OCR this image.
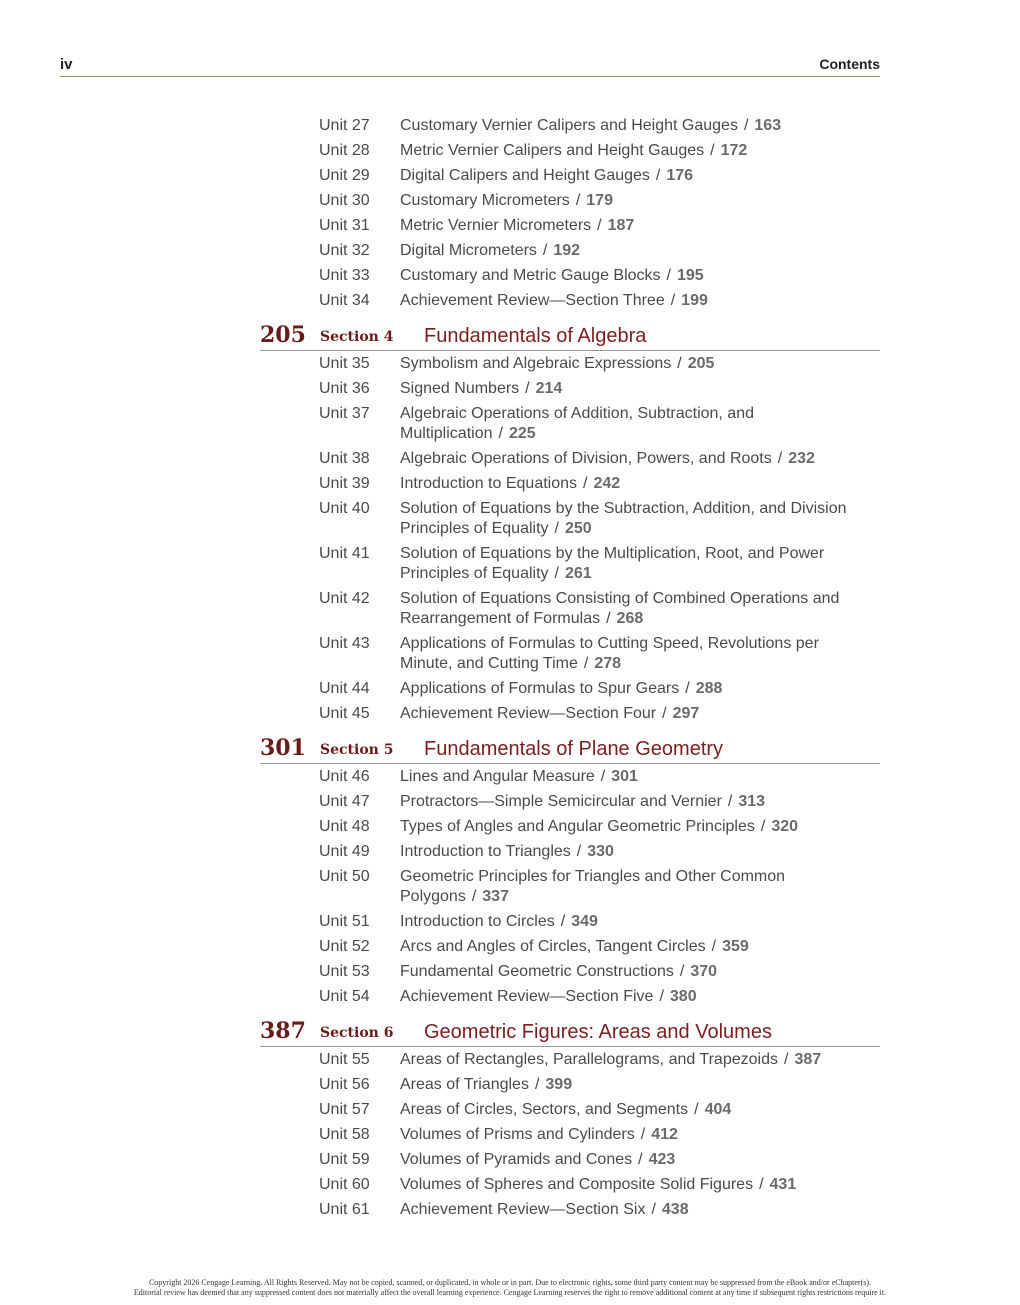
iv	Contents
Unit 27 Customary Vernier Calipers and Height Gauges / 163
Unit 28 Metric Vernier Calipers and Height Gauges / 172
Unit 29 Digital Calipers and Height Gauges / 176
Unit 30 Customary Micrometers / 179
Unit 31 Metric Vernier Micrometers / 187
Unit 32 Digital Micrometers / 192
Unit 33 Customary and Metric Gauge Blocks / 195
Unit 34 Achievement Review—Section Three / 199
205 Section 4 Fundamentals of Algebra
Unit 35 Symbolism and Algebraic Expressions / 205
Unit 36 Signed Numbers / 214
Unit 37 Algebraic Operations of Addition, Subtraction, and Multiplication / 225
Unit 38 Algebraic Operations of Division, Powers, and Roots / 232
Unit 39 Introduction to Equations / 242
Unit 40 Solution of Equations by the Subtraction, Addition, and Division Principles of Equality / 250
Unit 41 Solution of Equations by the Multiplication, Root, and Power Principles of Equality / 261
Unit 42 Solution of Equations Consisting of Combined Operations and Rearrangement of Formulas / 268
Unit 43 Applications of Formulas to Cutting Speed, Revolutions per Minute, and Cutting Time / 278
Unit 44 Applications of Formulas to Spur Gears / 288
Unit 45 Achievement Review—Section Four / 297
301 Section 5 Fundamentals of Plane Geometry
Unit 46 Lines and Angular Measure / 301
Unit 47 Protractors—Simple Semicircular and Vernier / 313
Unit 48 Types of Angles and Angular Geometric Principles / 320
Unit 49 Introduction to Triangles / 330
Unit 50 Geometric Principles for Triangles and Other Common Polygons / 337
Unit 51 Introduction to Circles / 349
Unit 52 Arcs and Angles of Circles, Tangent Circles / 359
Unit 53 Fundamental Geometric Constructions / 370
Unit 54 Achievement Review—Section Five / 380
387 Section 6 Geometric Figures: Areas and Volumes
Unit 55 Areas of Rectangles, Parallelograms, and Trapezoids / 387
Unit 56 Areas of Triangles / 399
Unit 57 Areas of Circles, Sectors, and Segments / 404
Unit 58 Volumes of Prisms and Cylinders / 412
Unit 59 Volumes of Pyramids and Cones / 423
Unit 60 Volumes of Spheres and Composite Solid Figures / 431
Unit 61 Achievement Review—Section Six / 438
Copyright 2026 Cengage Learning. All Rights Reserved. May not be copied, scanned, or duplicated, in whole or in part. Due to electronic rights, some third party content may be suppressed from the eBook and/or eChapter(s).
Editorial review has deemed that any suppressed content does not materially affect the overall learning experience. Cengage Learning reserves the right to remove additional content at any time if subsequent rights restrictions require it.
